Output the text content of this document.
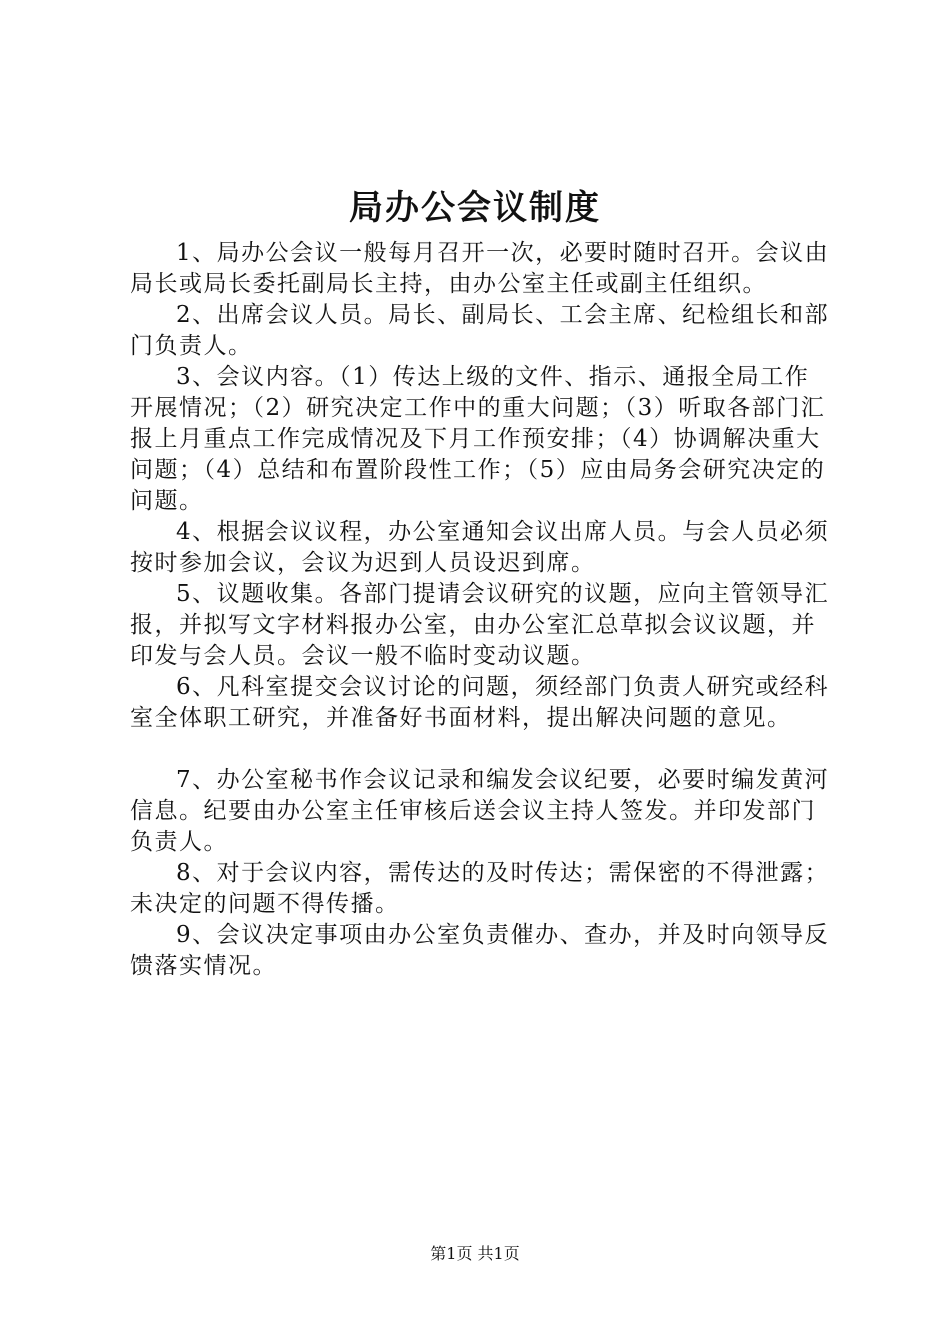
局办公会议制度

1、局办公会议一般每月召开一次，必要时随时召开。会议由局长或局长委托副局长主持，由办公室主任或副主任组织。

2、出席会议人员。局长、副局长、工会主席、纪检组长和部门负责人。

3、会议内容。（1）传达上级的文件、指示、通报全局工作开展情况；（2）研究决定工作中的重大问题；（3）听取各部门汇报上月重点工作完成情况及下月工作预安排；（4）协调解决重大问题；（4）总结和布置阶段性工作；（5）应由局务会研究决定的问题。

4、根据会议议程，办公室通知会议出席人员。与会人员必须按时参加会议，会议为迟到人员设迟到席。

5、议题收集。各部门提请会议研究的议题，应向主管领导汇报，并拟写文字材料报办公室，由办公室汇总草拟会议议题，并印发与会人员。会议一般不临时变动议题。

6、凡科室提交会议讨论的问题，须经部门负责人研究或经科室全体职工研究，并准备好书面材料，提出解决问题的意见。

7、办公室秘书作会议记录和编发会议纪要，必要时编发黄河信息。纪要由办公室主任审核后送会议主持人签发。并印发部门负责人。

8、对于会议内容，需传达的及时传达；需保密的不得泄露；未决定的问题不得传播。

9、会议决定事项由办公室负责催办、查办，并及时向领导反馈落实情况。

第1页 共1页
